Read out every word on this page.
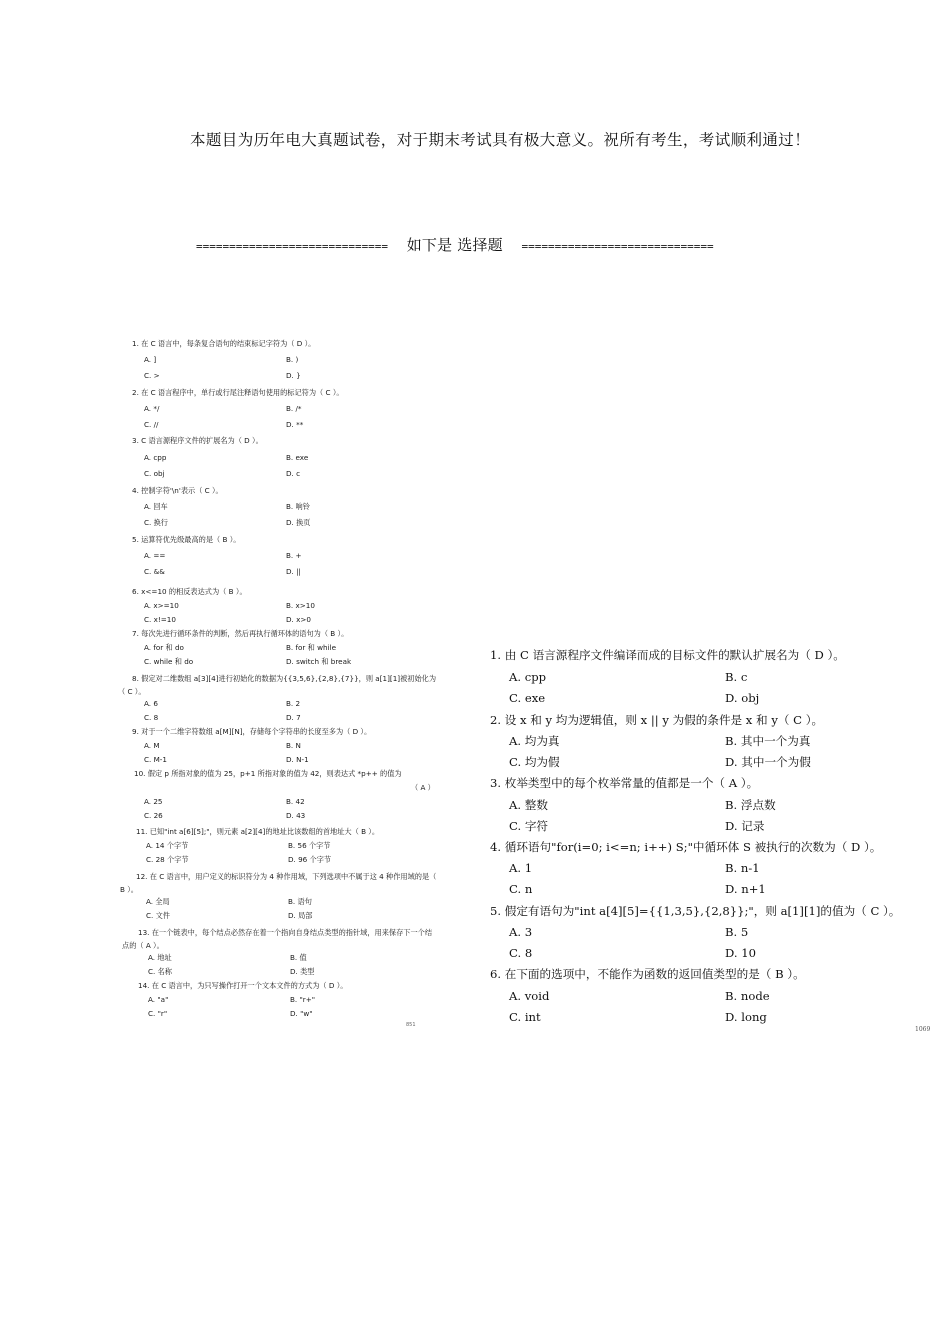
本题目为历年电大真题试卷，对于期末考试具有极大意义。祝所有考生，考试顺利通过！
============================= 如下是 选择题 =============================
1. 在 C 语言中，每条复合语句的结束标记字符为（ D ）。
A. ]	B. )
C. >	D. }
2. 在 C 语言程序中，单行或行尾注释语句使用的标记符为（ C ）。
A. */	B. /*
C. //	D. **
3. C 语言源程序文件的扩展名为（ D ）。
A. cpp	B. exe
C. obj	D. c
4. 控制字符'\n'表示（ C ）。
A. 回车	B. 响铃
C. 换行	D. 换页
5. 运算符优先级最高的是（ B ）。
A. ==	B. +
C. &&	D. ||
6. x<=10 的相反表达式为（ B ）。
A. x>=10	B. x>10
C. x!=10	D. x>0
7. 每次先进行循环条件的判断，然后再执行循环体的语句为（ B ）。
A. for 和 do	B. for 和 while
C. while 和 do	D. switch 和 break
8. 假定对二维数组 a[3][4]进行初始化的数据为{{3,5,6},{2,8},{7}}，则 a[1][1]被初始化为（ C ）。
A. 6	B. 2
C. 8	D. 7
9. 对于一个二维字符数组 a[M][N]，存储每个字符串的长度至多为（ D ）。
A. M	B. N
C. M-1	D. N-1
10. 假定 p 所指对象的值为 25，p+1 所指对象的值为 42，则表达式 *p++ 的值为
（ A ）
A. 25	B. 42
C. 26	D. 43
11. 已知"int a[6][5];"，则元素 a[2][4]的地址比该数组的首地址大（ B ）。
A. 14 个字节	B. 56 个字节
C. 28 个字节	D. 96 个字节
12. 在 C 语言中，用户定义的标识符分为 4 种作用域，下列选项中不属于这 4 种作用域的是（ B ）。
A. 全局	B. 语句
C. 文件	D. 局部
13. 在一个链表中，每个结点必然存在着一个指向自身结点类型的指针域，用来保存下一个结点的（ A ）。
A. 地址	B. 值
C. 名称	D. 类型
14. 在 C 语言中，为只写操作打开一个文本文件的方式为（ D ）。
A. "a"	B. "r+"
C. "r"	D. "w"
851
1. 由 C 语言源程序文件编译而成的目标文件的默认扩展名为（ D ）。
A. cpp	B. c
C. exe	D. obj
2. 设 x 和 y 均为逻辑值，则 x || y 为假的条件是 x 和 y（ C ）。
A. 均为真	B. 其中一个为真
C. 均为假	D. 其中一个为假
3. 枚举类型中的每个枚举常量的值都是一个（ A ）。
A. 整数	B. 浮点数
C. 字符	D. 记录
4. 循环语句"for(i=0; i<=n; i++) S;"中循环体 S 被执行的次数为（ D ）。
A. 1	B. n-1
C. n	D. n+1
5. 假定有语句为"int a[4][5]={{1,3,5},{2,8}};"，则 a[1][1]的值为（ C ）。
A. 3	B. 5
C. 8	D. 10
6. 在下面的选项中，不能作为函数的返回值类型的是（ B ）。
A. void	B. node
C. int	D. long
1069
